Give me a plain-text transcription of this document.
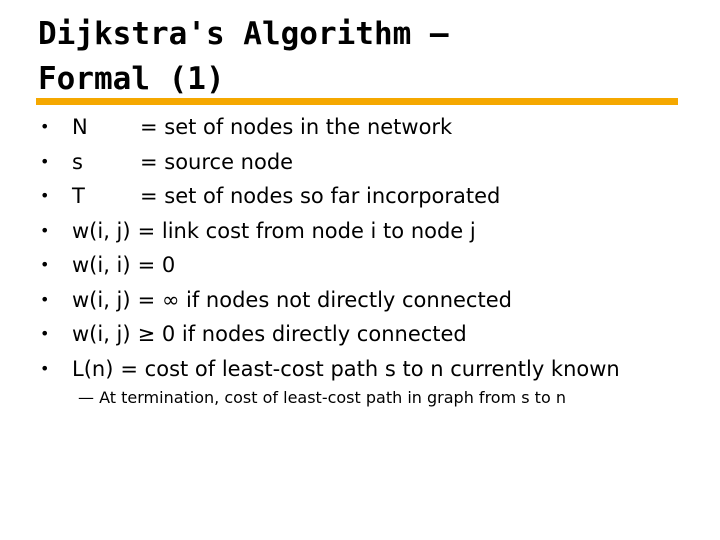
Dijkstra's Algorithm –
Formal (1)
•	N	= set of nodes in the network
•	s	= source node
•	T	= set of nodes so far incorporated
•	w(i, j) = link cost from node i to node j
•	w(i, i) = 0
•	w(i, j) = ∞ if nodes not directly connected
•	w(i, j) ≥ 0 if nodes directly connected
•	L(n) = cost of least-cost path s to n currently known
— At termination, cost of least-cost path in graph from s to n
